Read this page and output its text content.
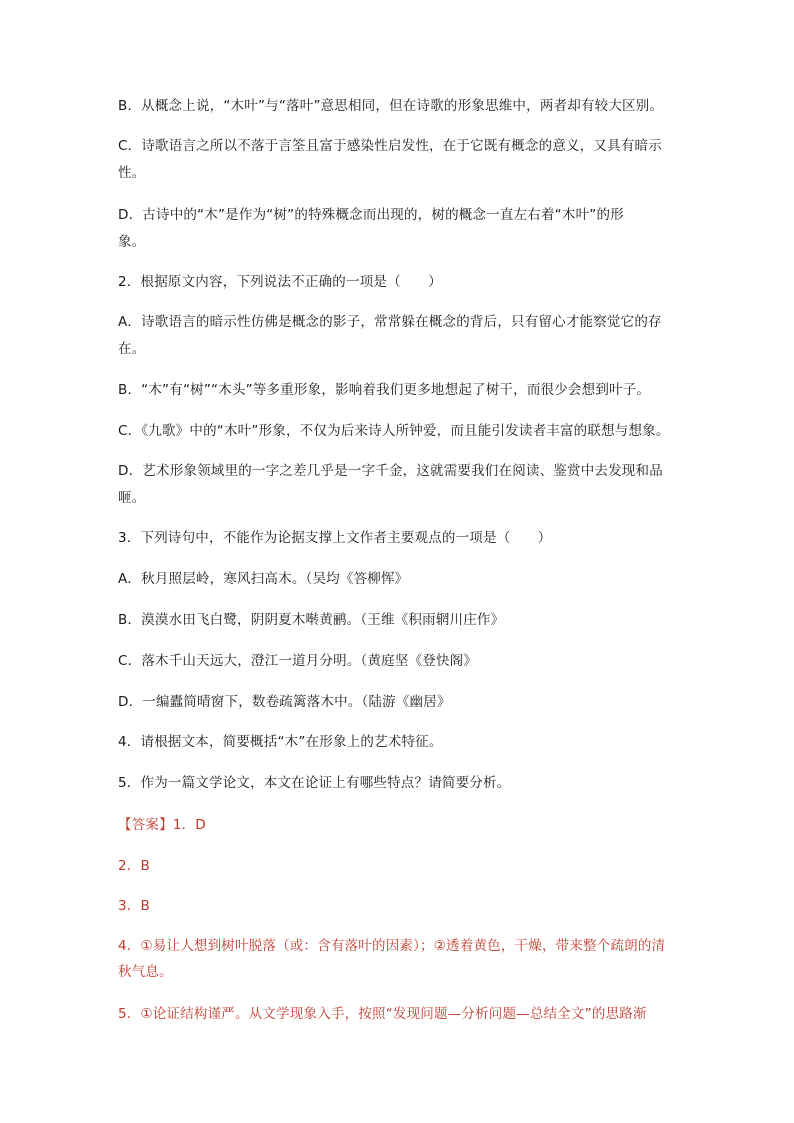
B．从概念上说，“木叶”与“落叶”意思相同，但在诗歌的形象思维中，两者却有较大区别。
C．诗歌语言之所以不落于言筌且富于感染性启发性，在于它既有概念的意义，又具有暗示
性。
D．古诗中的“木”是作为“树”的特殊概念而出现的，树的概念一直左右着“木叶”的形
象。
2．根据原文内容，下列说法不正确的一项是（　　）
A．诗歌语言的暗示性仿佛是概念的影子，常常躲在概念的背后，只有留心才能察觉它的存
在。
B．“木”有“树”“木头”等多重形象，影响着我们更多地想起了树干，而很少会想到叶子。
C．《九歌》中的“木叶”形象，不仅为后来诗人所钟爱，而且能引发读者丰富的联想与想象。
D．艺术形象领域里的一字之差几乎是一字千金，这就需要我们在阅读、鉴赏中去发现和品
咂。
3．下列诗句中，不能作为论据支撑上文作者主要观点的一项是（　　）
A．秋月照层岭，寒风扫高木。（吴均《答柳恽》
B．漠漠水田飞白鹭，阴阴夏木啭黄鹂。（王维《积雨辋川庄作》
C．落木千山天远大，澄江一道月分明。（黄庭坚《登快阁》
D．一编蠹简晴窗下，数卷疏篱落木中。（陆游《幽居》
4．请根据文本，简要概括“木”在形象上的艺术特征。
5．作为一篇文学论文，本文在论证上有哪些特点？请简要分析。
【答案】1．D
2．B
3．B
4．①易让人想到树叶脱落（或：含有落叶的因素）；②透着黄色，干燥，带来整个疏朗的清
秋气息。
5．①论证结构谨严。从文学现象入手，按照“发现问题—分析问题—总结全文”的思路渐
